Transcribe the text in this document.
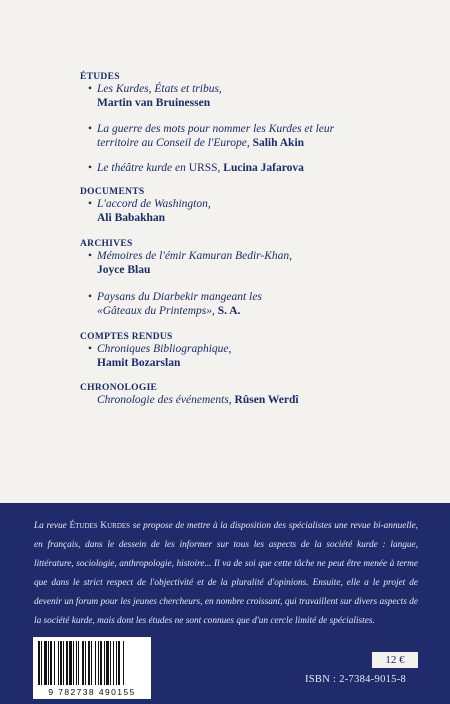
ÉTUDES
• Les Kurdes, États et tribus,
Martin van Bruinessen
• La guerre des mots pour nommer les Kurdes et leur
territoire au Conseil de l'Europe, Salih Akin
• Le théâtre kurde en URSS, Lucina Jafarova
DOCUMENTS
• L'accord de Washington,
Ali Babakhan
ARCHIVES
• Mémoires de l'émir Kamuran Bedir-Khan,
Joyce Blau
• Paysans du Diarbekir mangeant les
«Gâteaux du Printemps», S. A.
COMPTES RENDUS
• Chroniques Bibliographique,
Hamit Bozarslan
CHRONOLOGIE
Chronologie des événements, Rûsen Werdî
La revue Études Kurdes se propose de mettre à la disposition des spécialistes une revue bi-annuelle, en français, dans le dessein de les informer sur tous les aspects de la société kurde : langue, littérature, sociologie, anthropologie, histoire... Il va de soi que cette tâche ne peut être menée à terme que dans le strict respect de l'objectivité et de la pluralité d'opinions. Ensuite, elle a le projet de devenir un forum pour les jeunes chercheurs, en nombre croissant, qui travaillent sur divers aspects de la société kurde, mais dont les études ne sont connues que d'un cercle limité de spécialistes.
9 782738 490155
12 €
ISBN : 2-7384-9015-8
